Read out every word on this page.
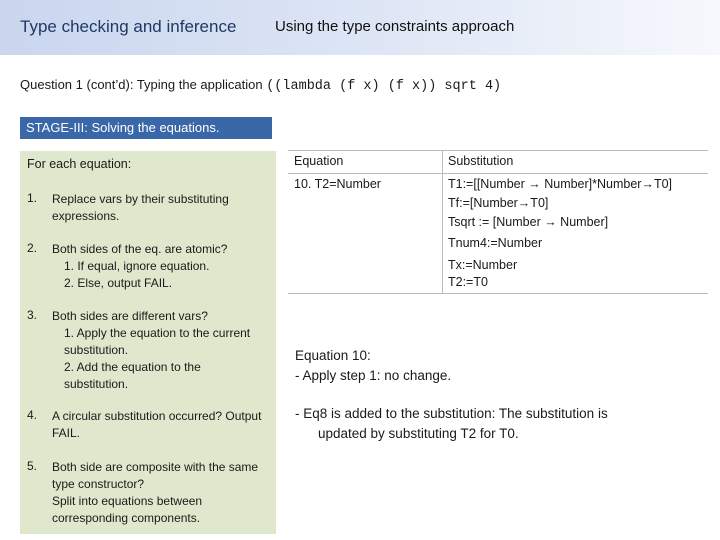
Type checking and inference	Using the type constraints approach
Question 1 (cont’d): Typing the application ((lambda (f x) (f x)) sqrt 4)
STAGE-III: Solving the equations.
For each equation:
1. Replace vars by their substituting expressions.
2. Both sides of the eq. are atomic?
1. If equal, ignore equation.
2. Else, output FAIL.
3. Both sides are different vars?
1. Apply the equation to the current substitution.
2. Add the equation to the substitution.
4. A circular substitution occurred? Output FAIL.
5. Both side are composite with the same type constructor?
Split into equations between corresponding components.
Equation	Substitution
10. T2=Number	T1:=[[Number → Number]*Number→T0]
Tf:=[Number→T0]
Tsqrt := [Number → Number]
Tnum4:=Number
Tx:=Number
T2:=T0
Equation 10:
- Apply step 1: no change.
- Eq8 is added to the substitution: The substitution is
updated by substituting T2 for T0.
